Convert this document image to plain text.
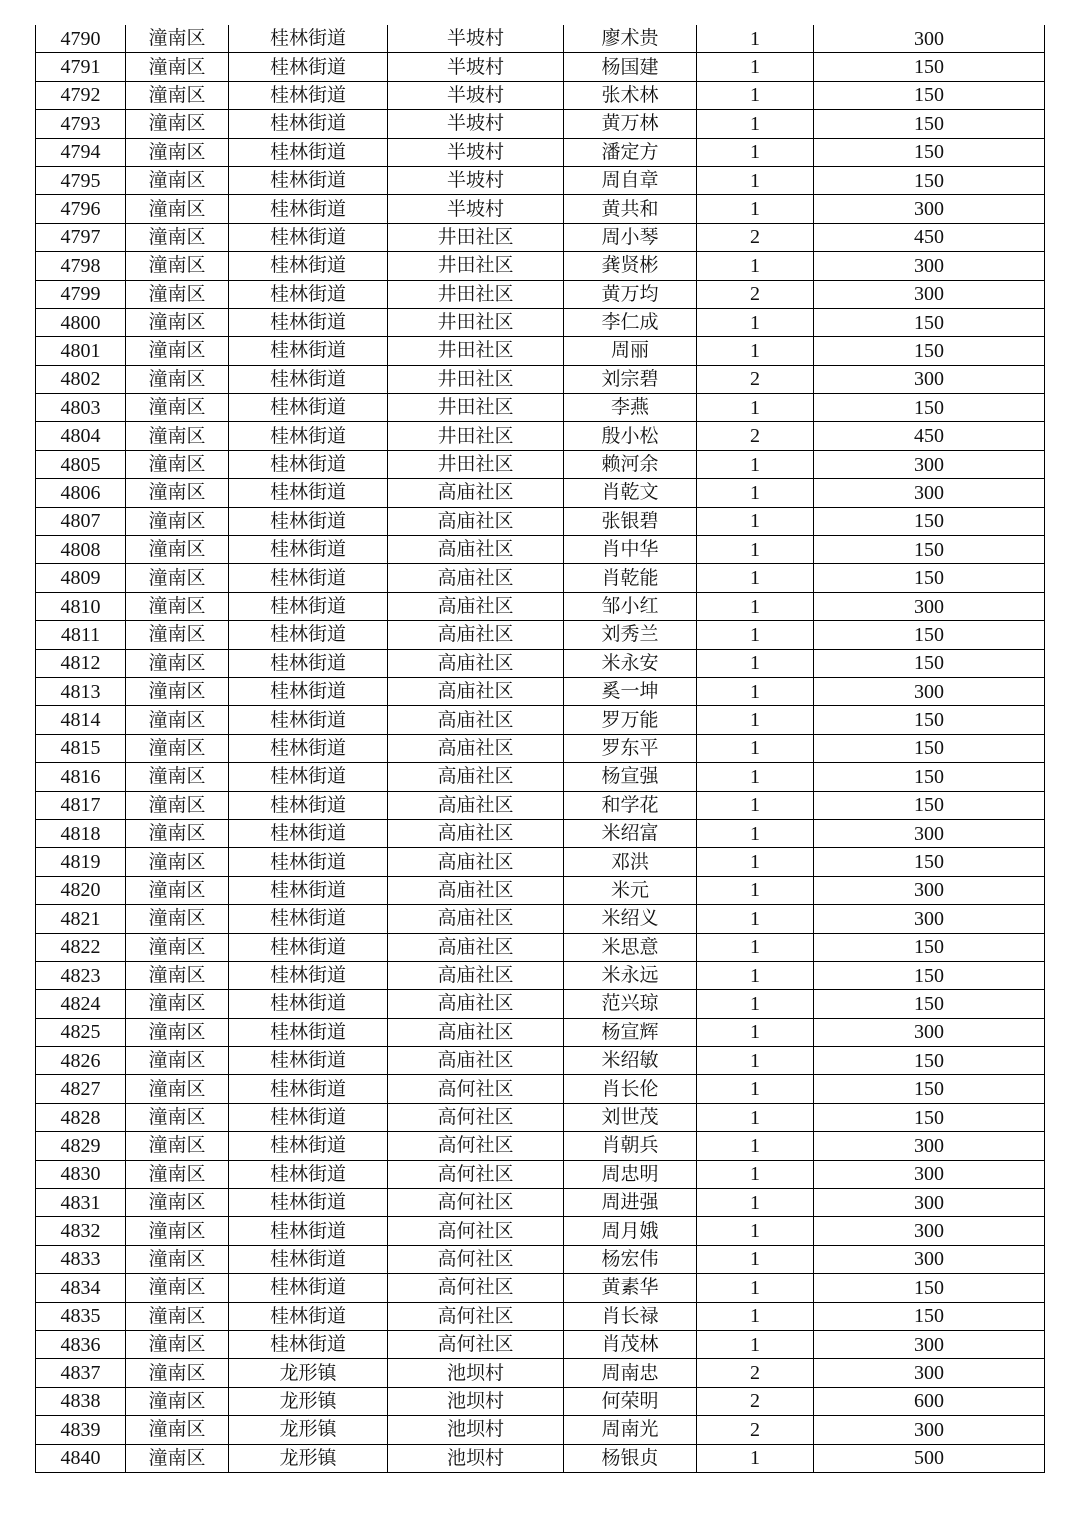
4790	潼南区	桂林街道	半坡村	廖术贵	1	300
4791	潼南区	桂林街道	半坡村	杨国建	1	150
4792	潼南区	桂林街道	半坡村	张术林	1	150
4793	潼南区	桂林街道	半坡村	黄万林	1	150
4794	潼南区	桂林街道	半坡村	潘定方	1	150
4795	潼南区	桂林街道	半坡村	周自章	1	150
4796	潼南区	桂林街道	半坡村	黄共和	1	300
4797	潼南区	桂林街道	井田社区	周小琴	2	450
4798	潼南区	桂林街道	井田社区	龚贤彬	1	300
4799	潼南区	桂林街道	井田社区	黄万均	2	300
4800	潼南区	桂林街道	井田社区	李仁成	1	150
4801	潼南区	桂林街道	井田社区	周丽	1	150
4802	潼南区	桂林街道	井田社区	刘宗碧	2	300
4803	潼南区	桂林街道	井田社区	李燕	1	150
4804	潼南区	桂林街道	井田社区	殷小松	2	450
4805	潼南区	桂林街道	井田社区	赖河余	1	300
4806	潼南区	桂林街道	高庙社区	肖乾文	1	300
4807	潼南区	桂林街道	高庙社区	张银碧	1	150
4808	潼南区	桂林街道	高庙社区	肖中华	1	150
4809	潼南区	桂林街道	高庙社区	肖乾能	1	150
4810	潼南区	桂林街道	高庙社区	邹小红	1	300
4811	潼南区	桂林街道	高庙社区	刘秀兰	1	150
4812	潼南区	桂林街道	高庙社区	米永安	1	150
4813	潼南区	桂林街道	高庙社区	奚一坤	1	300
4814	潼南区	桂林街道	高庙社区	罗万能	1	150
4815	潼南区	桂林街道	高庙社区	罗东平	1	150
4816	潼南区	桂林街道	高庙社区	杨宣强	1	150
4817	潼南区	桂林街道	高庙社区	和学花	1	150
4818	潼南区	桂林街道	高庙社区	米绍富	1	300
4819	潼南区	桂林街道	高庙社区	邓洪	1	150
4820	潼南区	桂林街道	高庙社区	米元	1	300
4821	潼南区	桂林街道	高庙社区	米绍义	1	300
4822	潼南区	桂林街道	高庙社区	米思意	1	150
4823	潼南区	桂林街道	高庙社区	米永远	1	150
4824	潼南区	桂林街道	高庙社区	范兴琼	1	150
4825	潼南区	桂林街道	高庙社区	杨宣辉	1	300
4826	潼南区	桂林街道	高庙社区	米绍敏	1	150
4827	潼南区	桂林街道	高何社区	肖长伦	1	150
4828	潼南区	桂林街道	高何社区	刘世茂	1	150
4829	潼南区	桂林街道	高何社区	肖朝兵	1	300
4830	潼南区	桂林街道	高何社区	周忠明	1	300
4831	潼南区	桂林街道	高何社区	周进强	1	300
4832	潼南区	桂林街道	高何社区	周月娥	1	300
4833	潼南区	桂林街道	高何社区	杨宏伟	1	300
4834	潼南区	桂林街道	高何社区	黄素华	1	150
4835	潼南区	桂林街道	高何社区	肖长禄	1	150
4836	潼南区	桂林街道	高何社区	肖茂林	1	300
4837	潼南区	龙形镇	池坝村	周南忠	2	300
4838	潼南区	龙形镇	池坝村	何荣明	2	600
4839	潼南区	龙形镇	池坝村	周南光	2	300
4840	潼南区	龙形镇	池坝村	杨银贞	1	500
